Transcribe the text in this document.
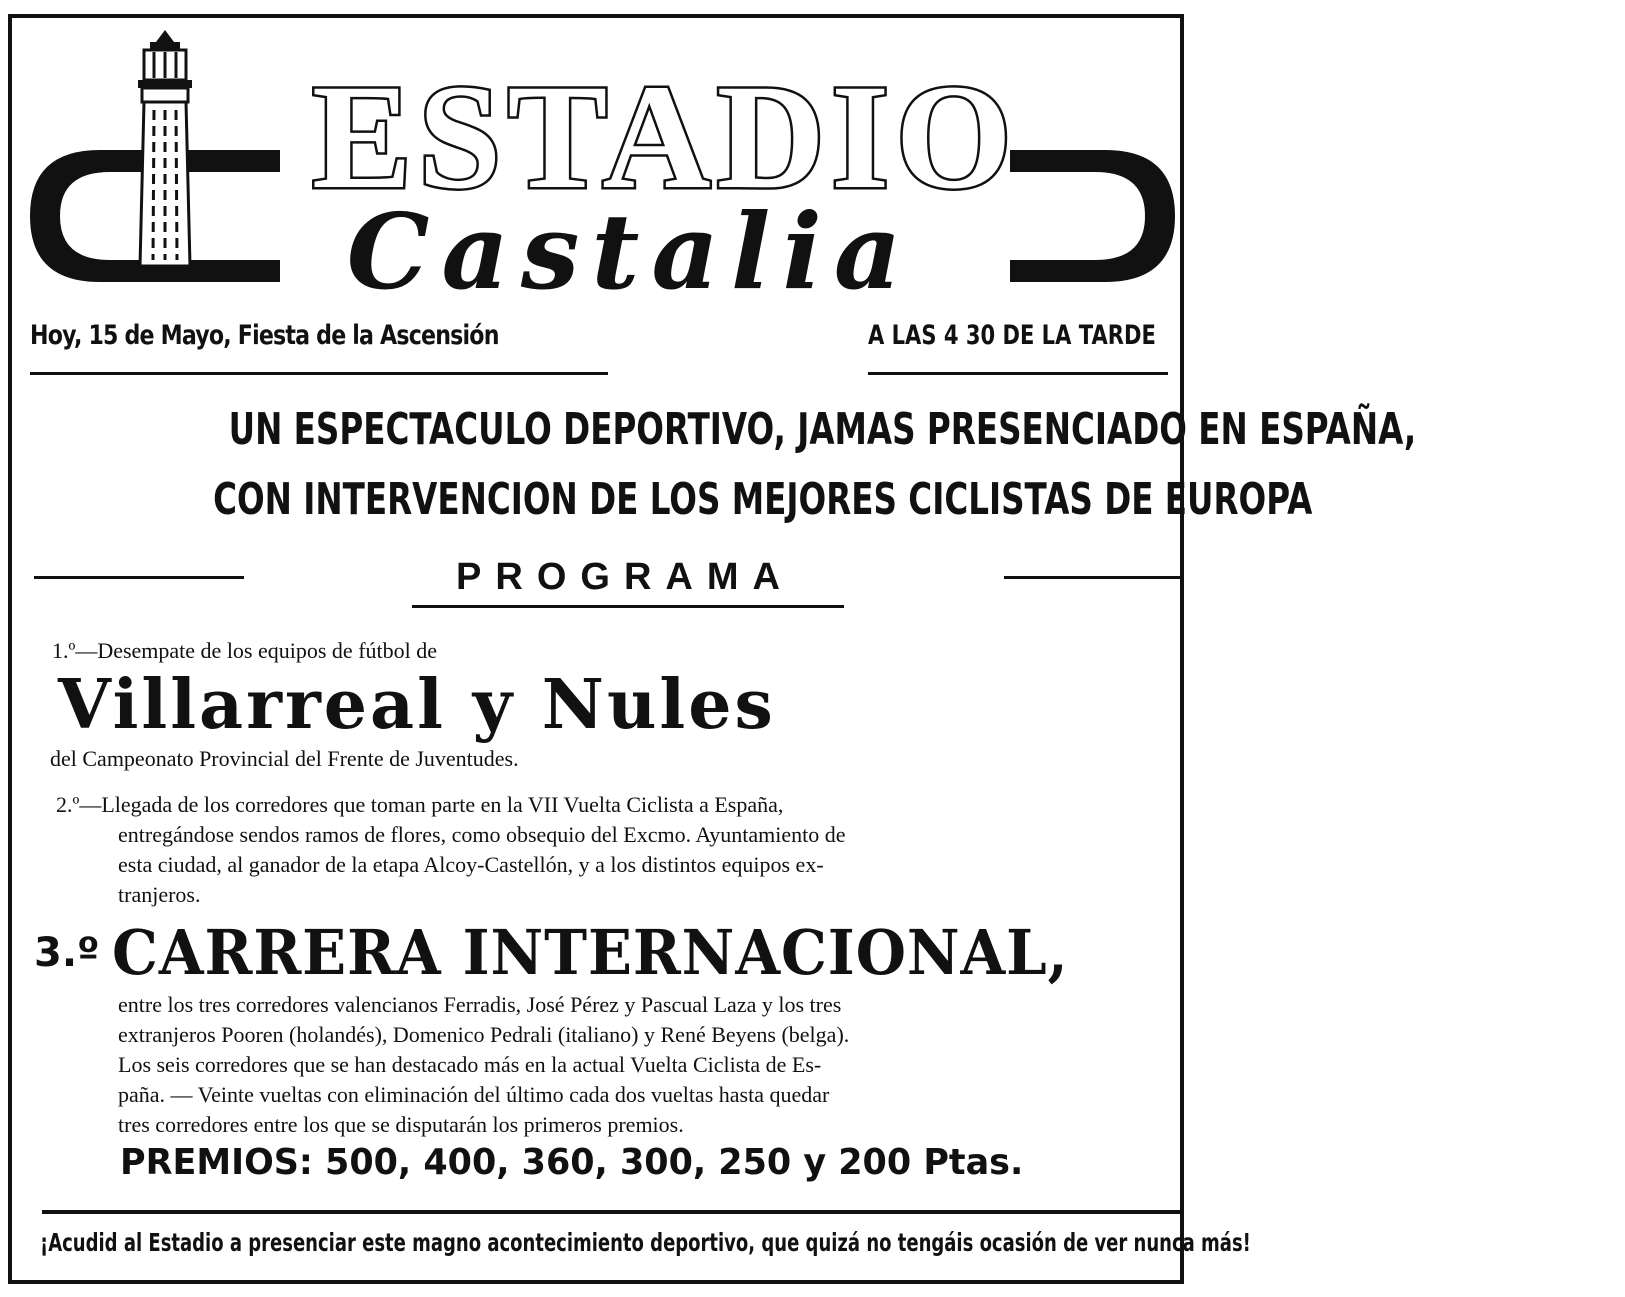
ESTADIO
Castalia
Hoy, 15 de Mayo, Fiesta de la Ascensión	A LAS 4 30 DE LA TARDE
UN ESPECTACULO DEPORTIVO, JAMAS PRESENCIADO EN ESPAÑA,
CON INTERVENCION DE LOS MEJORES CICLISTAS DE EUROPA
PROGRAMA
1.º—Desempate de los equipos de fútbol de
Villarreal y Nules
del Campeonato Provincial del Frente de Juventudes.
2.º—Llegada de los corredores que toman parte en la VII Vuelta Ciclista a España,
entregándose sendos ramos de flores, como obsequio del Excmo. Ayuntamiento de
esta ciudad, al ganador de la etapa Alcoy-Castellón, y a los distintos equipos ex-
tranjeros.
3.º CARRERA INTERNACIONAL,
entre los tres corredores valencianos Ferradis, José Pérez y Pascual Laza y los tres
extranjeros Pooren (holandés), Domenico Pedrali (italiano) y René Beyens (belga).
Los seis corredores que se han destacado más en la actual Vuelta Ciclista de Es-
paña. — Veinte vueltas con eliminación del último cada dos vueltas hasta quedar
tres corredores entre los que se disputarán los primeros premios.
PREMIOS: 500, 400, 360, 300, 250 y 200 Ptas.
¡Acudid al Estadio a presenciar este magno acontecimiento deportivo, que quizá no tengáis ocasión de ver nunca más!
